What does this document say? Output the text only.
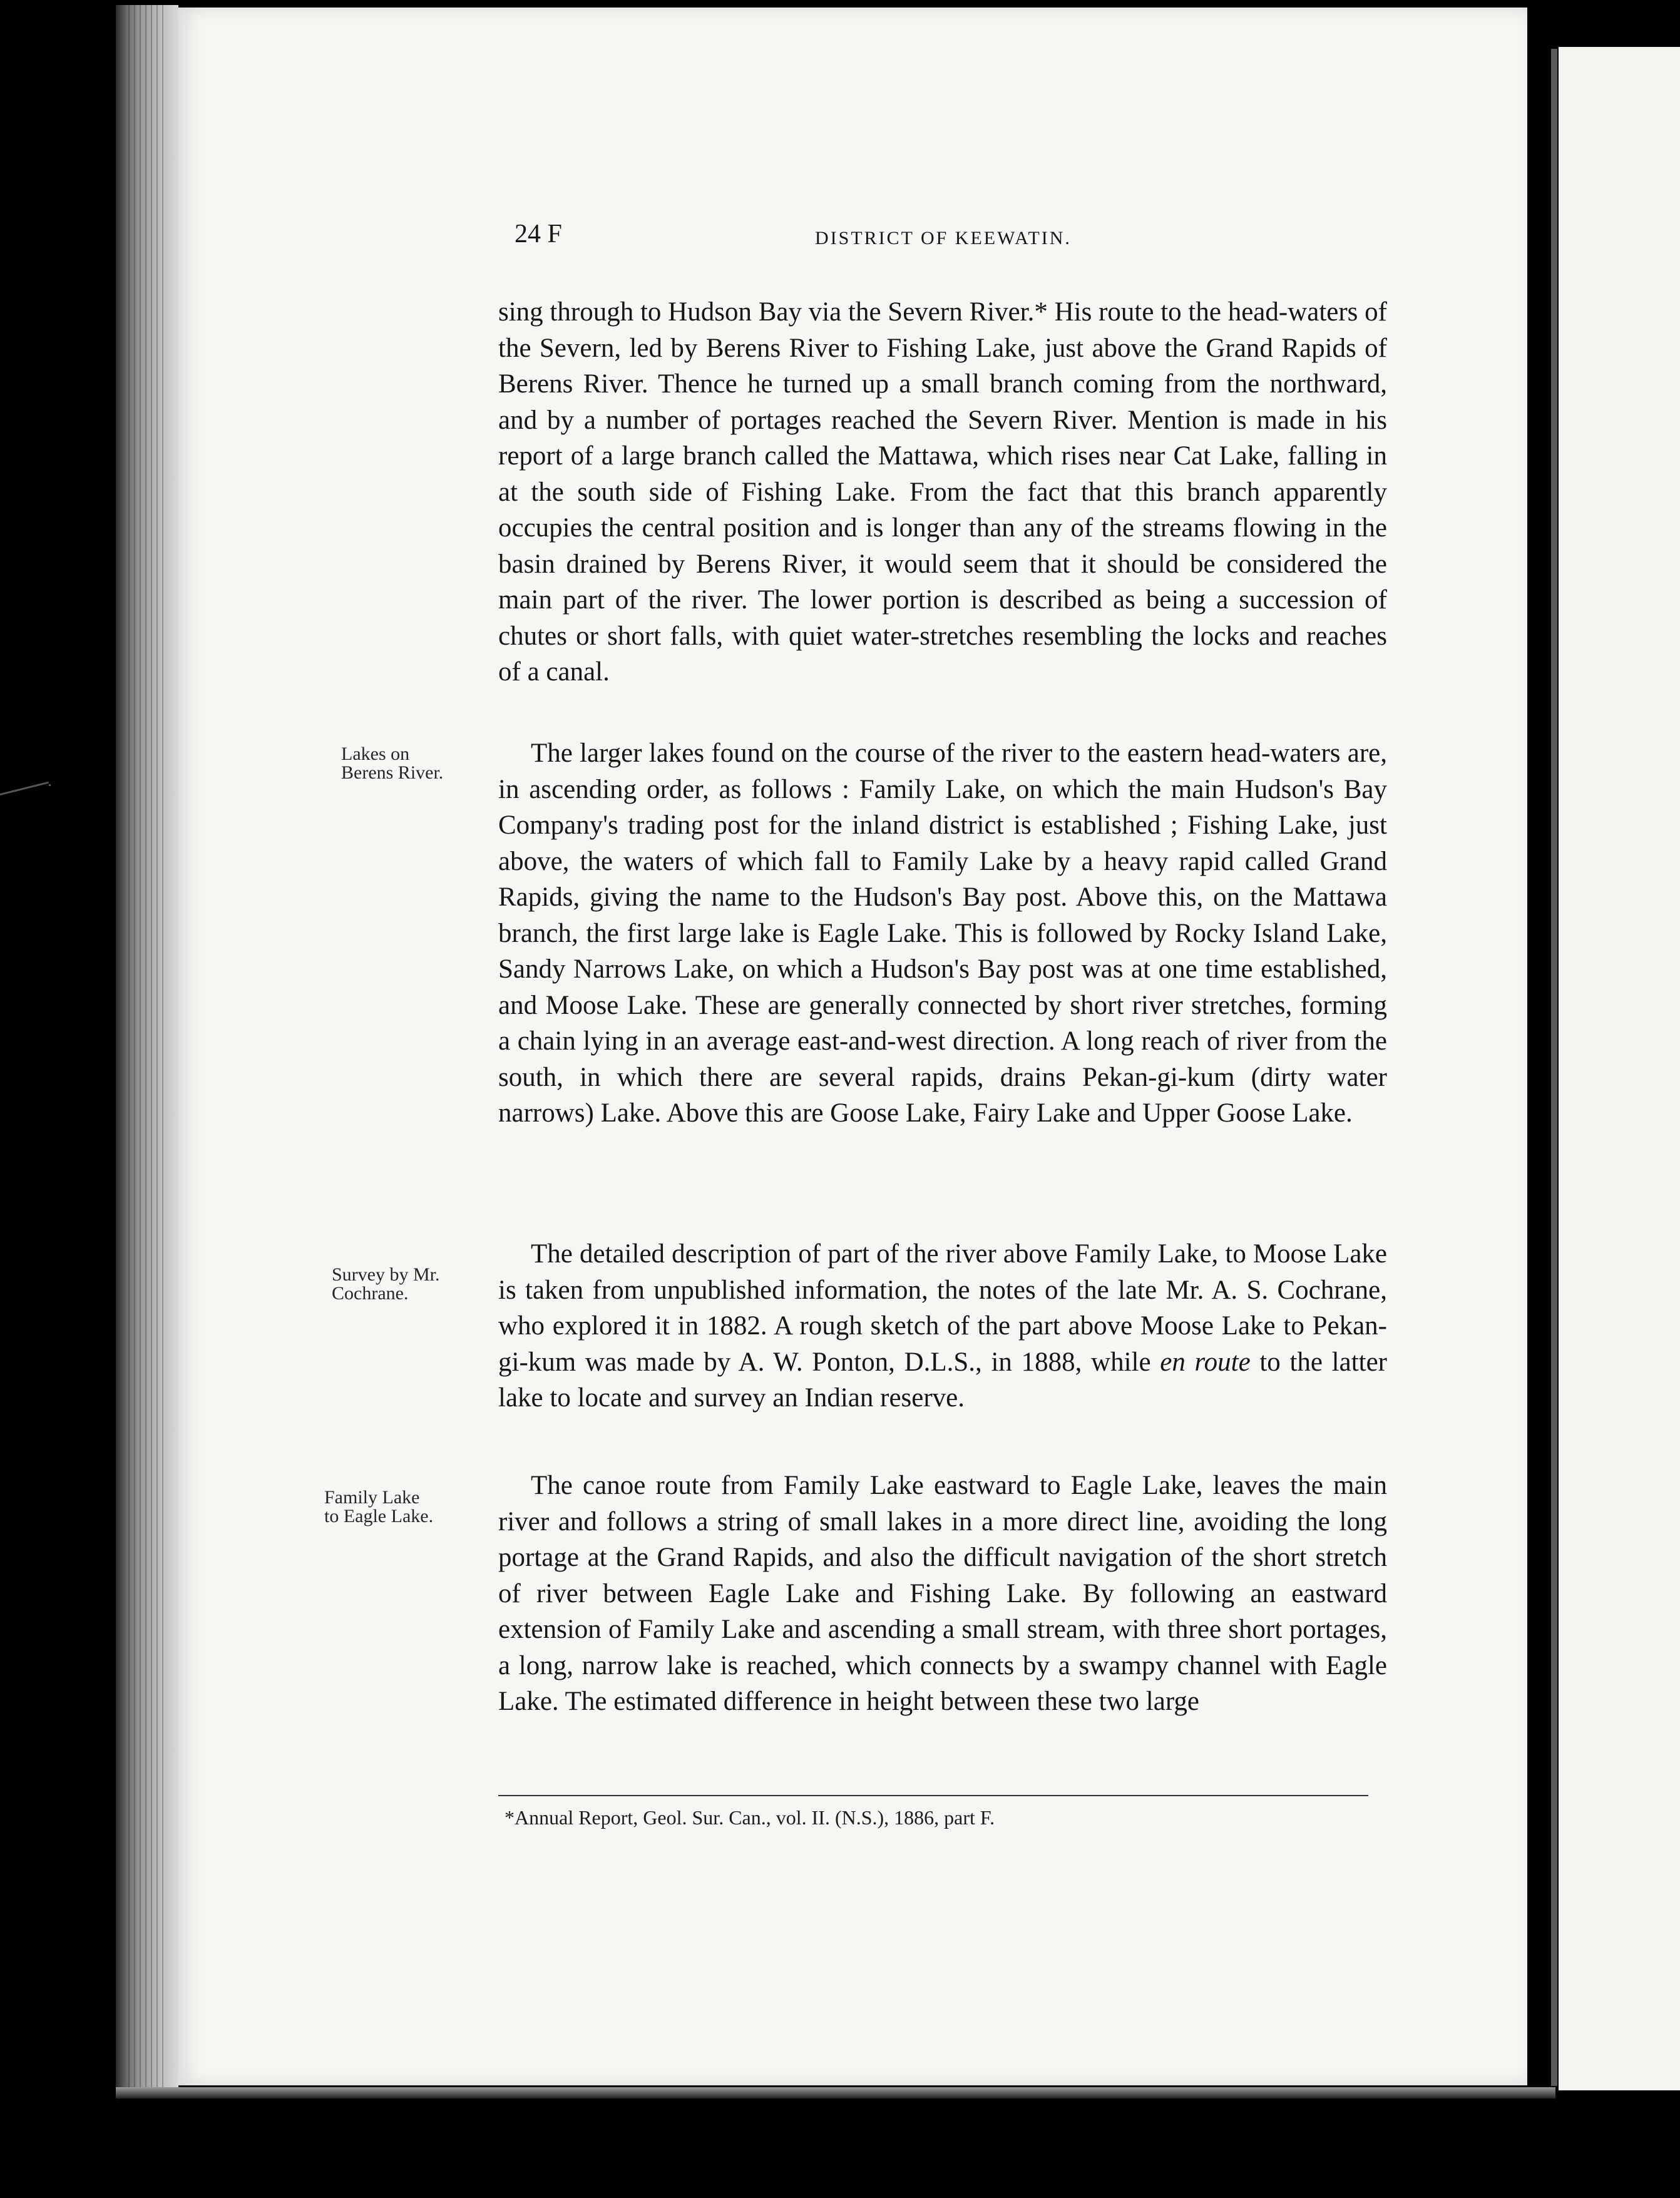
24 F	DISTRICT OF KEEWATIN.
Lakes on
Berens River.
Survey by Mr.
Cochrane.
Family Lake
to Eagle Lake.

sing through to Hudson Bay via the Severn River.* His route to the head-waters of the Severn, led by Berens River to Fishing Lake, just above the Grand Rapids of Berens River. Thence he turned up a small branch coming from the northward, and by a number of portages reached the Severn River. Mention is made in his report of a large branch called the Mattawa, which rises near Cat Lake, falling in at the south side of Fishing Lake. From the fact that this branch apparently occupies the central position and is longer than any of the streams flowing in the basin drained by Berens River, it would seem that it should be considered the main part of the river. The lower portion is described as being a succession of chutes or short falls, with quiet water-stretches resembling the locks and reaches of a canal.

The larger lakes found on the course of the river to the eastern head-waters are, in ascending order, as follows : Family Lake, on which the main Hudson's Bay Company's trading post for the inland district is established ; Fishing Lake, just above, the waters of which fall to Family Lake by a heavy rapid called Grand Rapids, giving the name to the Hudson's Bay post. Above this, on the Mattawa branch, the first large lake is Eagle Lake. This is followed by Rocky Island Lake, Sandy Narrows Lake, on which a Hudson's Bay post was at one time established, and Moose Lake. These are generally connected by short river stretches, forming a chain lying in an average east-and-west direction. A long reach of river from the south, in which there are several rapids, drains Pekan-gi-kum (dirty water narrows) Lake. Above this are Goose Lake, Fairy Lake and Upper Goose Lake.

The detailed description of part of the river above Family Lake, to Moose Lake is taken from unpublished information, the notes of the late Mr. A. S. Cochrane, who explored it in 1882. A rough sketch of the part above Moose Lake to Pekan-gi-kum was made by A. W. Ponton, D.L.S., in 1888, while en route to the latter lake to locate and survey an Indian reserve.

The canoe route from Family Lake eastward to Eagle Lake, leaves the main river and follows a string of small lakes in a more direct line, avoiding the long portage at the Grand Rapids, and also the difficult navigation of the short stretch of river between Eagle Lake and Fishing Lake. By following an eastward extension of Family Lake and ascending a small stream, with three short portages, a long, narrow lake is reached, which connects by a swampy channel with Eagle Lake. The estimated difference in height between these two large

*Annual Report, Geol. Sur. Can., vol. II. (N.S.), 1886, part F.
